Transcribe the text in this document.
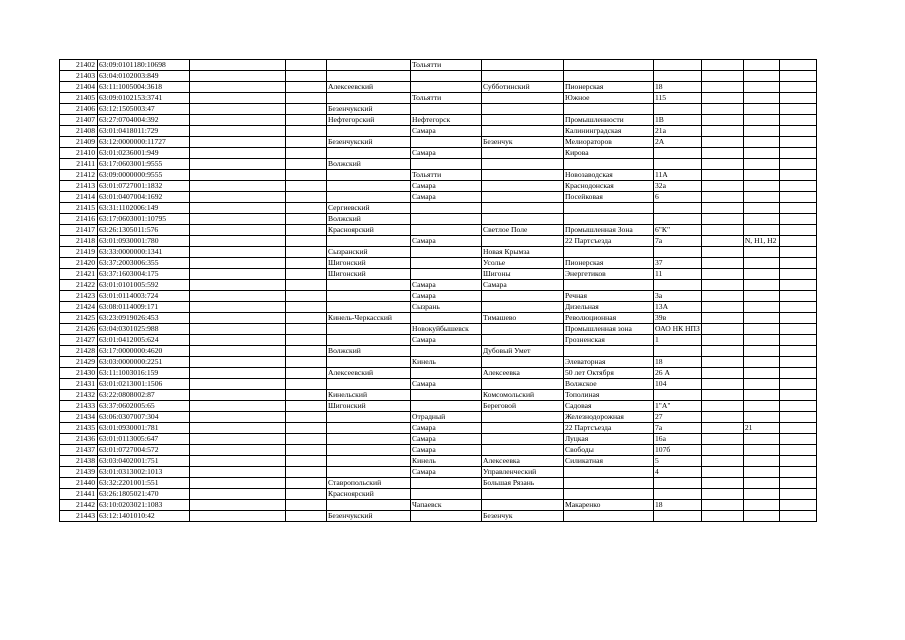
21402	63:09:0101180:10698				Тольятти						
21403	63:04:0102003:849										
21404	63:11:1005004:3618			Алексеевский		Субботинский	Пионерская	18			
21405	63:09:0102153:3741				Тольятти		Южное	115			
21406	63:12:1505003:47			Безенчукский							
21407	63:27:0704004:392			Нефтегорский	Нефтегорск		Промышленности	1В			
21408	63:01:0418011:729				Самара		Калининградская	21а			
21409	63:12:0000000:11727			Безенчукский		Безенчук	Мелиораторов	2А			
21410	63:01:0236001:949				Самара		Кирова				
21411	63:17:0603001:9555			Волжский							
21412	63:09:0000000:9555				Тольятти		Новозаводская	11А			
21413	63:01:0727001:1832				Самара		Краснодонская	32а			
21414	63:01:0407004:1692				Самара		Посейковая	6			
21415	63:31:1102006:149			Сергиевский							
21416	63:17:0603001:10795			Волжский							
21417	63:26:1305011:576			Красноярский		Светлое Поле	Промышленная Зона	6"К"			
21418	63:01:0930001:780				Самара		22 Партсъезда	7а		N, H1, H2	
21419	63:33:0000000:1341			Сызранский		Новая Крымза					
21420	63:37:2003006:355			Шигонский		Усолье	Пионерская	37			
21421	63:37:1603004:175			Шигонский		Шигоны	Энергетиков	11			
21422	63:01:0101005:592				Самара	Самара					
21423	63:01:0114003:724				Самара		Речная	3а			
21424	63:08:0114009:171				Сызрань		Дизельная	13А			
21425	63:23:0919026:453			Кинель-Черкасский		Тимашево	Революционная	39в			
21426	63:04:0301025:988				Новокуйбышевск		Промышленная зона	ОАО НК НПЗ			
21427	63:01:0412005:624				Самара		Грозненская	1			
21428	63:17:0000000:4620			Волжский		Дубовый Умет					
21429	63:03:0000000:2251				Кинель		Элеваторная	18			
21430	63:11:1003016:159			Алексеевский		Алексеевка	50 лет Октября	26 А			
21431	63:01:0213001:1506				Самара		Волжское	104			
21432	63:22:0808002:87			Кинельский		Комсомольский	Тополиная				
21433	63:37:0602005:65			Шигонский		Береговой	Садовая	1"А"			
21434	63:06:0307007:304				Отрадный		Железнодорожная	27			
21435	63:01:0930001:781				Самара		22 Партсъезда	7а		21	
21436	63:01:0113005:647				Самара		Луцкая	16а			
21437	63:01:0727004:572				Самара		Свободы	107б			
21438	63:03:0402001:751				Кинель	Алексеевка	Силикатная	5			
21439	63:01:0313002:1013				Самара	Управленческий		4			
21440	63:32:2201001:551			Ставропольский		Большая Рязань					
21441	63:26:1805021:470			Красноярский							
21442	63:10:0203021:1083				Чапаевск		Макаренко	18			
21443	63:12:1401010:42			Безенчукский		Безенчук					
